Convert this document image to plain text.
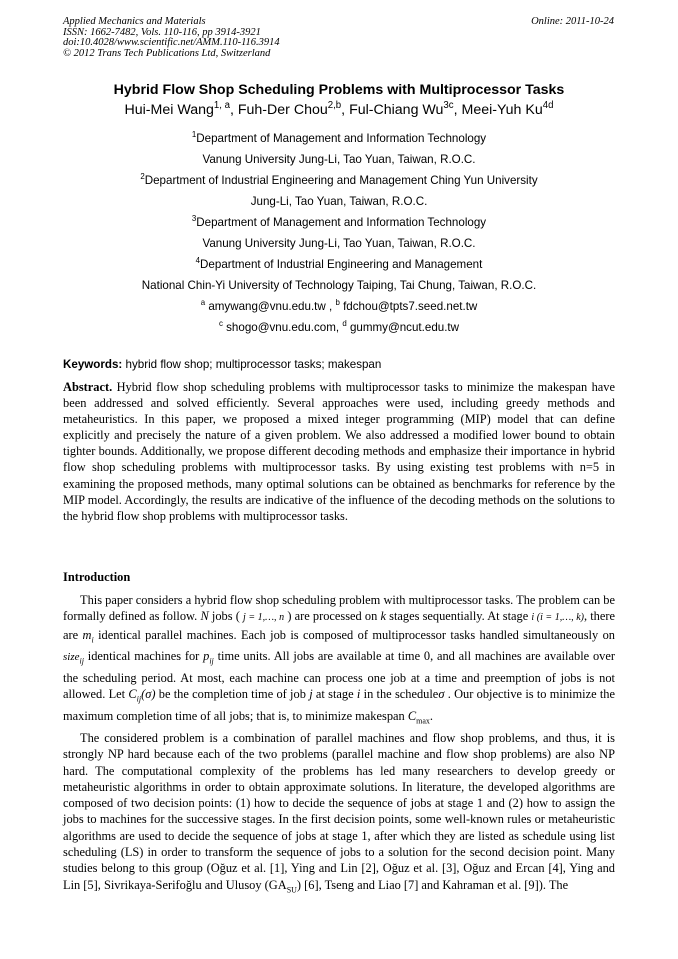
Applied Mechanics and Materials
ISSN: 1662-7482, Vols. 110-116, pp 3914-3921
doi:10.4028/www.scientific.net/AMM.110-116.3914
© 2012 Trans Tech Publications Ltd, Switzerland
Online: 2011-10-24
Hybrid Flow Shop Scheduling Problems with Multiprocessor Tasks
Hui-Mei Wang$^{1, a}$, Fuh-Der Chou$^{2,b}$, Ful-Chiang $Wu^{3c}$, Meei-Yuh $Ku^{4d}$
$^1$Department of Management and Information Technology
Vanung University Jung-Li, Tao Yuan, Taiwan, R.O.C.
$^2$Department of Industrial Engineering and Management Ching Yun University
Jung-Li, Tao Yuan, Taiwan, R.O.C.
$^3$Department of Management and Information Technology
Vanung University Jung-Li, Tao Yuan, Taiwan, R.O.C.
$^4$Department of Industrial Engineering and Management
National Chin-Yi University of Technology Taiping, Tai Chung, Taiwan, R.O.C.
$^a$ amywang@vnu.edu.tw , $^b$ fdchou@tpts7.seed.net.tw
$^c$ shogo@vnu.edu.com, $^d$ gummy@ncut.edu.tw
Keywords: hybrid flow shop; multiprocessor tasks; makespan
Abstract. Hybrid flow shop scheduling problems with multiprocessor tasks to minimize the makespan have been addressed and solved efficiently. Several approaches were used, including greedy methods and metaheuristics. In this paper, we proposed a mixed integer programming (MIP) model that can define explicitly and precisely the nature of a given problem. We also addressed a modified lower bound to obtain tighter bounds. Additionally, we propose different decoding methods and emphasize their importance in hybrid flow shop scheduling problems with multiprocessor tasks. By using existing test problems with n=5 in examining the proposed methods, many optimal solutions can be obtained as benchmarks for reference by the MIP model. Accordingly, the results are indicative of the influence of the decoding methods on the solutions to the hybrid flow shop problems with multiprocessor tasks.
Introduction

This paper considers a hybrid flow shop scheduling problem with multiprocessor tasks. The problem can be formally defined as follow. N jobs ( j = 1,…, n ) are processed on k stages sequentially. At stage i (i = 1,…, k), there are $m_i$ identical parallel machines. Each job is composed of multiprocessor tasks handled simultaneously on size$_{ij}$ identical machines for $p_{ij}$ time units. All jobs are available at time 0, and all machines are available over the scheduling period. At most, each machine can process one job at a time and preemption of jobs is not allowed. Let $C_{ij}(\sigma)$ be the completion time of job j at stage i in the scheduleσ . Our objective is to minimize the maximum completion time of all jobs; that is, to minimize makespan $C_{max}$.

The considered problem is a combination of parallel machines and flow shop problems, and thus, it is strongly NP hard because each of the two problems (parallel machine and flow shop problems) are also NP hard. The computational complexity of the problems has led many researchers to develop greedy or metaheuristic algorithms in order to obtain approximate solutions. In literature, the developed algorithms are composed of two decision points: (1) how to decide the sequence of jobs at stage 1 and (2) how to assign the jobs to machines for the successive stages. In the first decision points, some well-known rules or metaheuristic algorithms are used to decide the sequence of jobs at stage 1, after which they are listed as schedule using list scheduling (LS) in order to transform the sequence of jobs to a solution for the second decision point. Many studies belong to this group (Oğuz et al. [1], Ying and Lin [2], Oğuz et al. [3], Oğuz and Ercan [4], Ying and Lin [5], Sivrikaya-Serifoğlu and Ulusoy $(GA_{SU})$ [6], Tseng and Liao [7] and Kahraman et al. [9]). The
